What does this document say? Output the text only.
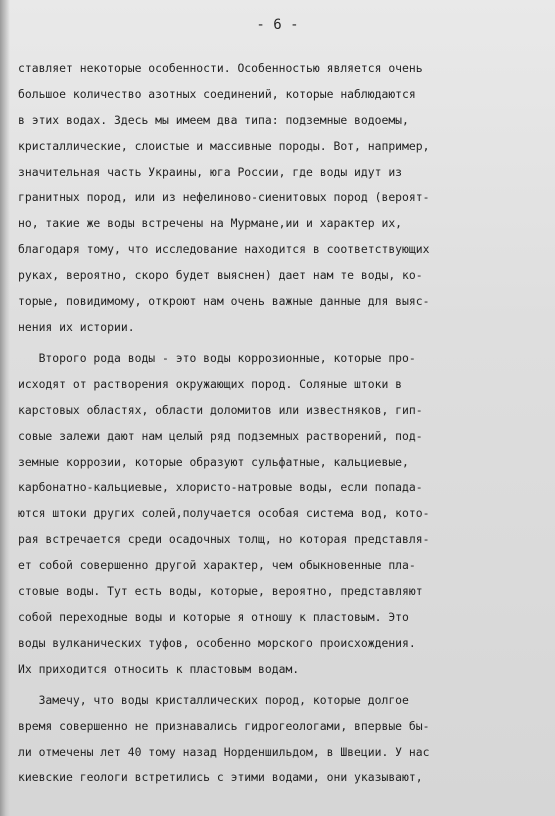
- 6 -
ставляет некоторые особенности. Особенностью является очень
большое количество азотных соединений, которые наблюдаются
в этих водах. Здесь мы имеем два типа: подземные водоемы,
кристаллические, слоистые и массивные породы. Вот, например,
значительная часть Украины, юга России, где воды идут из
гранитных пород, или из нефелиново-сиенитовых пород (вероят-
но, такие же воды встречены на Мурмане,ии и характер их,
благодаря тому, что исследование находится в соответствующих
руках, вероятно, скоро будет выяснен) дает нам те воды, ко-
торые, повидимому, откроют нам очень важные данные для выяс-
нения их истории.
Второго рода воды - это воды коррозионные, которые про-
исходят от растворения окружающих пород. Соляные штоки в
карстовых областях, области доломитов или известняков, гип-
совые залежи дают нам целый ряд подземных растворений, под-
земные коррозии, которые образуют сульфатные, кальциевые,
карбонатно-кальциевые, хлористо-натровые воды, если попада-
ются штоки других солей,получается особая система вод, кото-
рая встречается среди осадочных толщ, но которая представля-
ет собой совершенно другой характер, чем обыкновенные пла-
стовые воды. Тут есть воды, которые, вероятно, представляют
собой переходные воды и которые я отношу к пластовым. Это
воды вулканических туфов, особенно морского происхождения.
Их приходится относить к пластовым водам.
Замечу, что воды кристаллических пород, которые долгое
время совершенно не признавались гидрогеологами, впервые бы-
ли отмечены лет 40 тому назад Норденшильдом, в Швеции. У нас
киевские геологи встретились с этими водами, они указывают,
